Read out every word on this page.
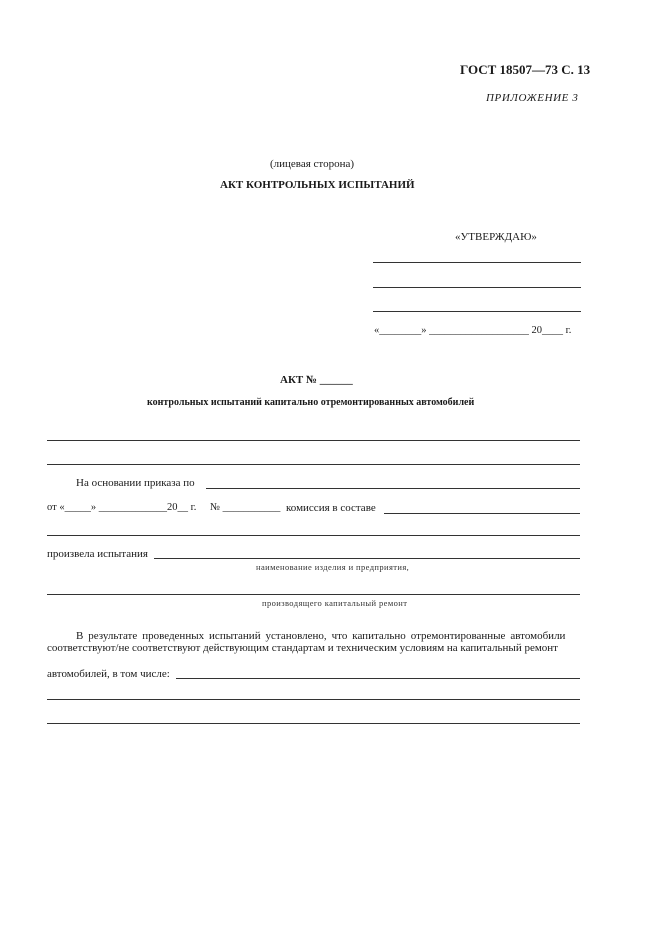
ГОСТ 18507—73 С. 13
ПРИЛОЖЕНИЕ 3
(лицевая сторона)
АКТ КОНТРОЛЬНЫХ ИСПЫТАНИЙ
«УТВЕРЖДАЮ»
«________» ___________________ 20____ г.
АКТ № ______
контрольных испытаний капитально отремонтированных автомобилей
На основании приказа по
от «_____» _____________20__ г. № ___________ комиссия в составе
произвела испытания
наименование изделия и предприятия,
производящего капитальный ремонт
В результате проведенных испытаний установлено, что капитально отремонтированные автомобили
соответствуют/не соответствуют действующим стандартам и техническим условиям на капитальный ремонт
автомобилей, в том числе:
